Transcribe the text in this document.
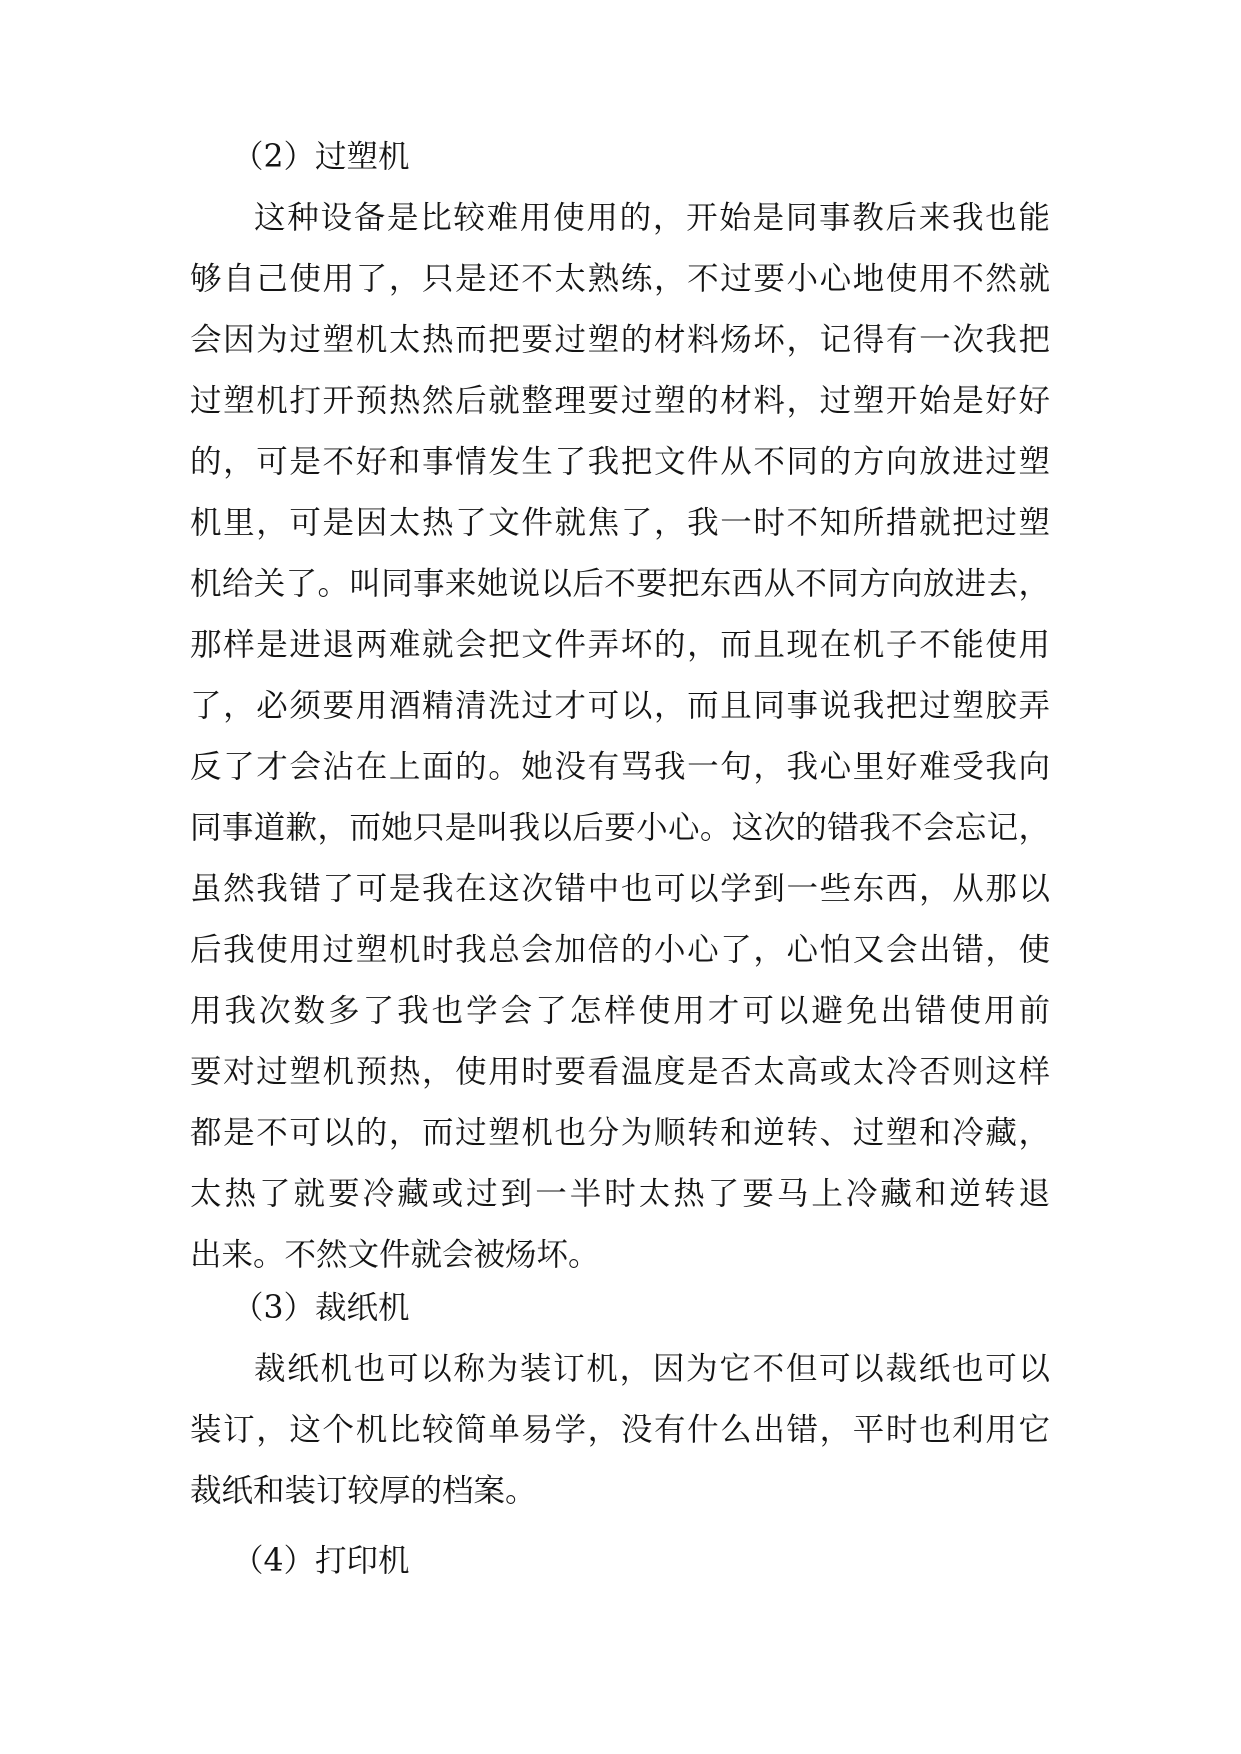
（2）过塑机
这种设备是比较难用使用的，开始是同事教后来我也能
够自己使用了，只是还不太熟练，不过要小心地使用不然就
会因为过塑机太热而把要过塑的材料炀坏，记得有一次我把
过塑机打开预热然后就整理要过塑的材料，过塑开始是好好
的，可是不好和事情发生了我把文件从不同的方向放进过塑
机里，可是因太热了文件就焦了，我一时不知所措就把过塑
机给关了。叫同事来她说以后不要把东西从不同方向放进去，
那样是进退两难就会把文件弄坏的，而且现在机子不能使用
了，必须要用酒精清洗过才可以，而且同事说我把过塑胶弄
反了才会沾在上面的。她没有骂我一句，我心里好难受我向
同事道歉，而她只是叫我以后要小心。这次的错我不会忘记，
虽然我错了可是我在这次错中也可以学到一些东西，从那以
后我使用过塑机时我总会加倍的小心了，心怕又会出错，使
用我次数多了我也学会了怎样使用才可以避免出错使用前
要对过塑机预热，使用时要看温度是否太高或太冷否则这样
都是不可以的，而过塑机也分为顺转和逆转、过塑和冷藏，
太热了就要冷藏或过到一半时太热了要马上冷藏和逆转退
出来。不然文件就会被炀坏。
（3）裁纸机
裁纸机也可以称为装订机，因为它不但可以裁纸也可以
装订，这个机比较简单易学，没有什么出错，平时也利用它
裁纸和装订较厚的档案。
（4）打印机
